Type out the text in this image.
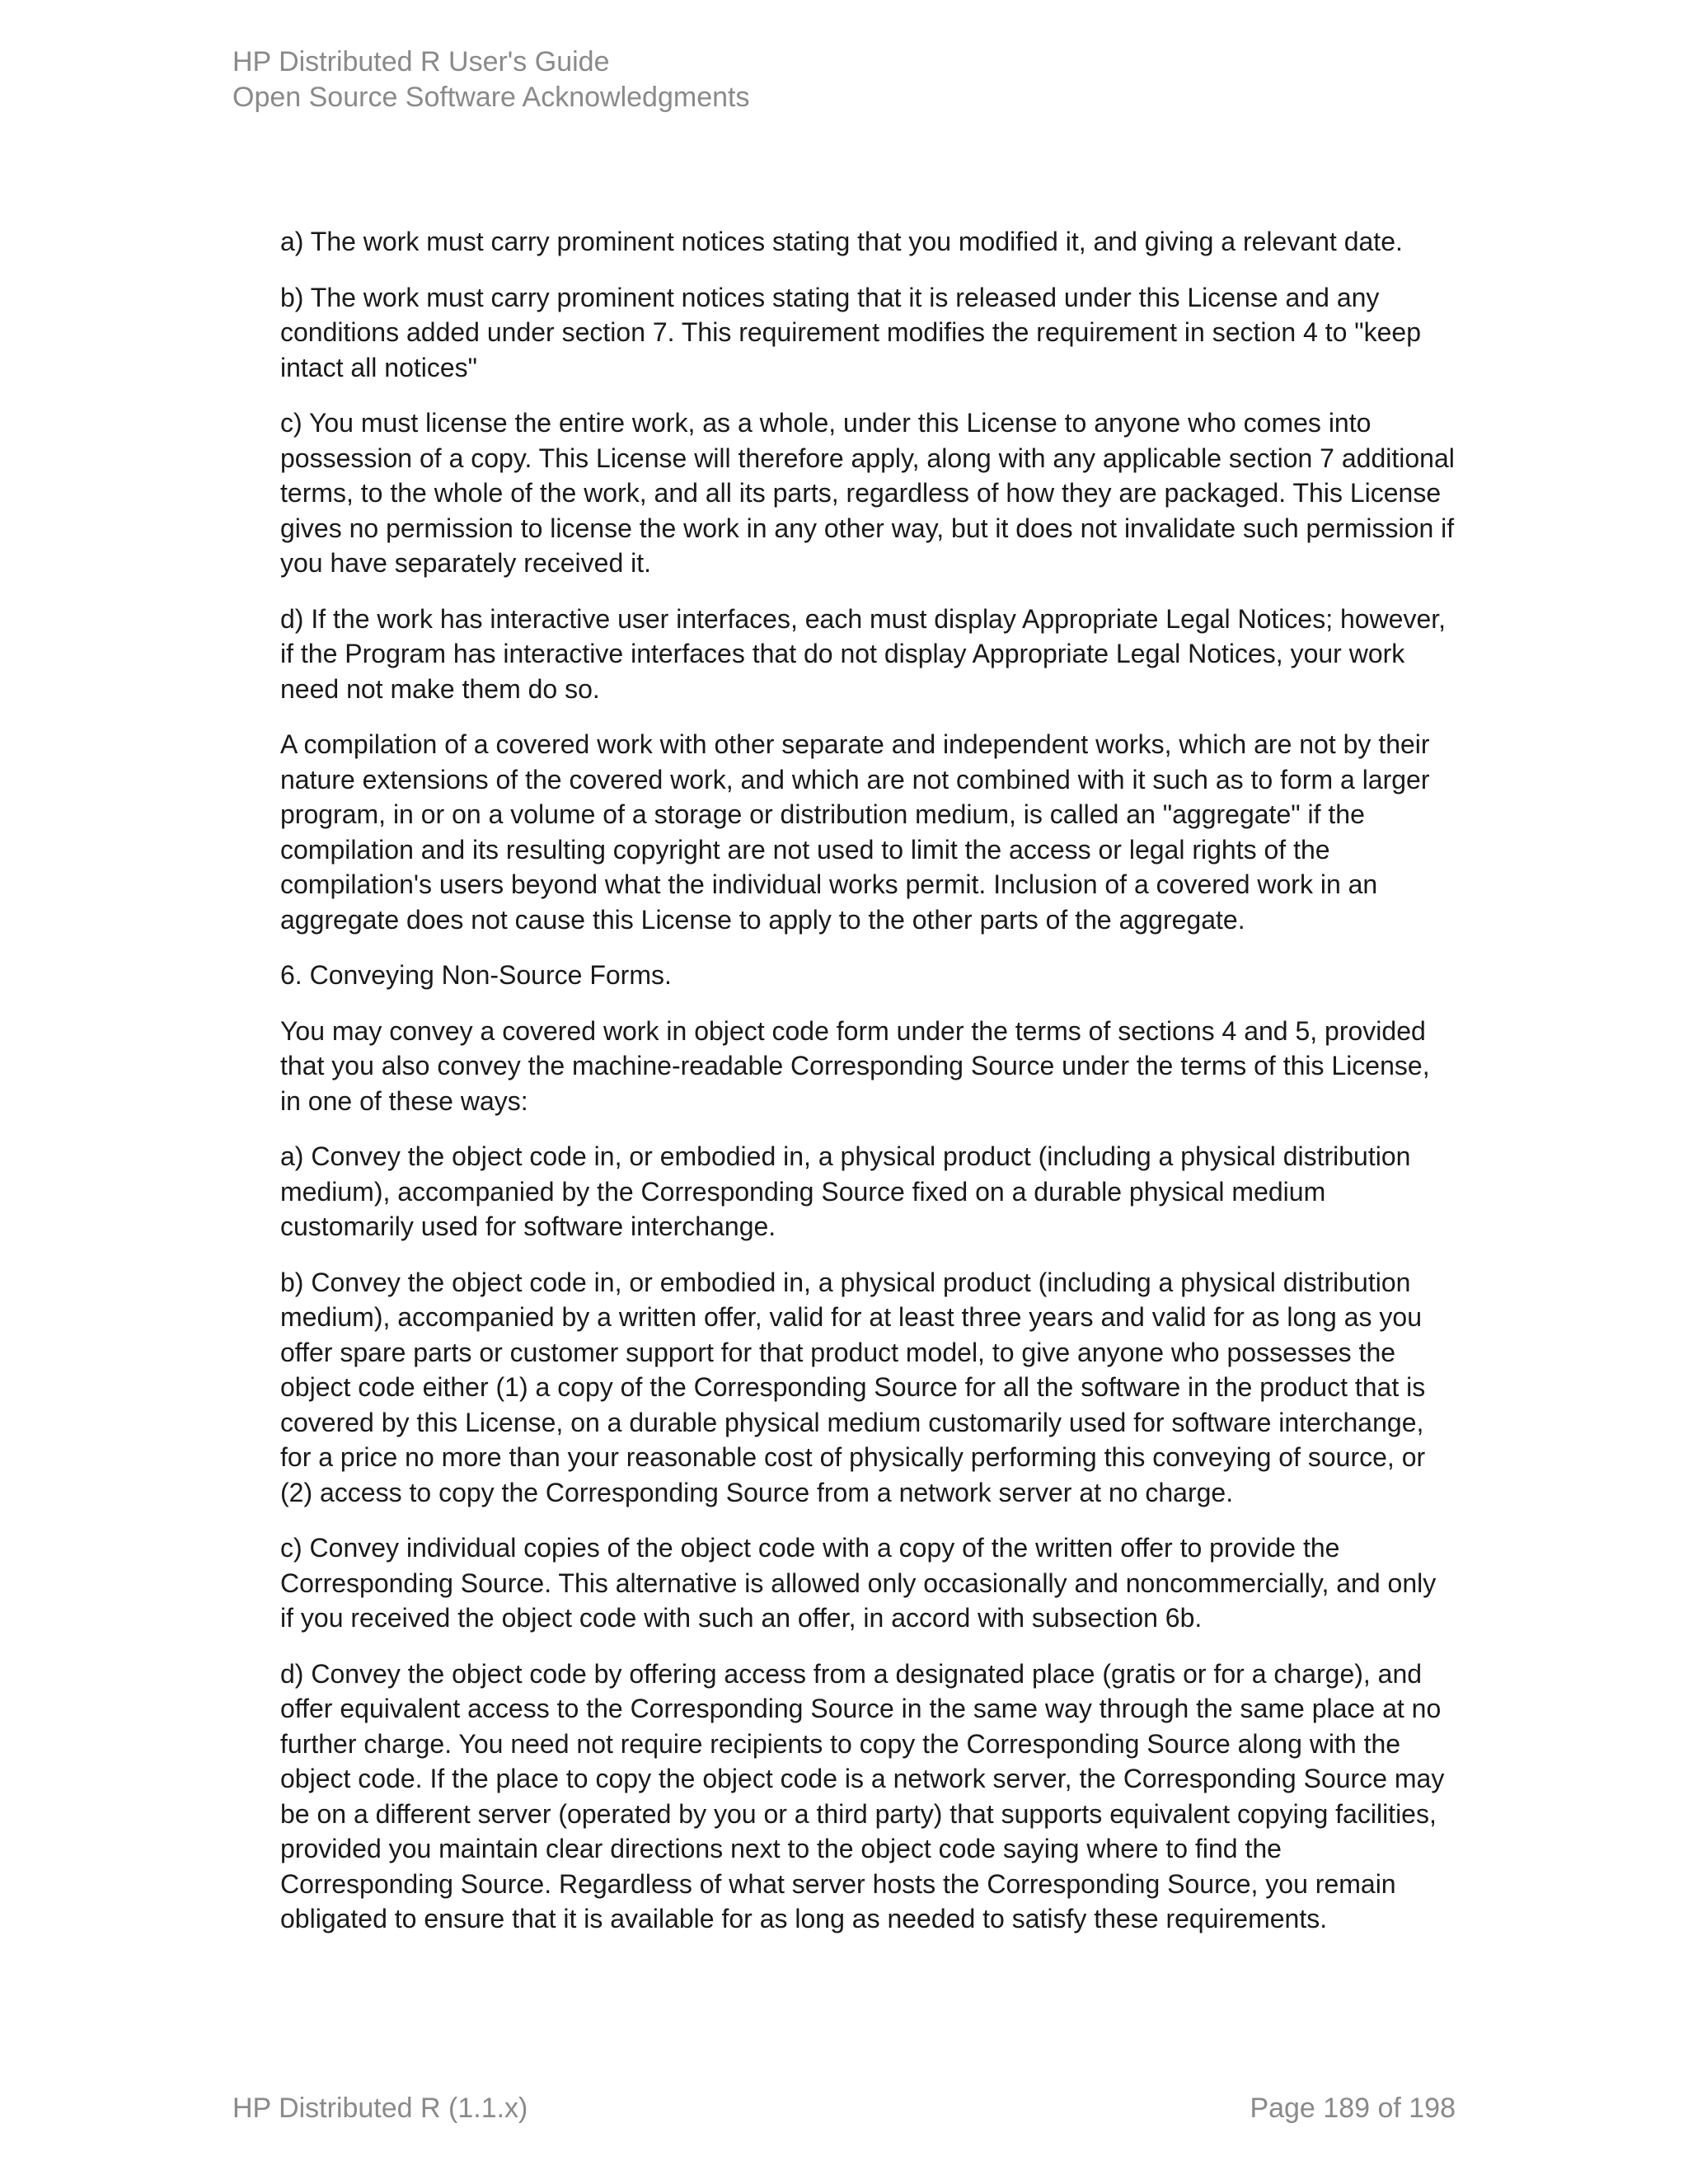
HP Distributed R User's Guide
Open Source Software Acknowledgments

a) The work must carry prominent notices stating that you modified it, and giving a relevant date.

b) The work must carry prominent notices stating that it is released under this License and any conditions added under section 7. This requirement modifies the requirement in section 4 to "keep intact all notices"

c) You must license the entire work, as a whole, under this License to anyone who comes into possession of a copy. This License will therefore apply, along with any applicable section 7 additional terms, to the whole of the work, and all its parts, regardless of how they are packaged. This License gives no permission to license the work in any other way, but it does not invalidate such permission if you have separately received it.

d) If the work has interactive user interfaces, each must display Appropriate Legal Notices; however, if the Program has interactive interfaces that do not display Appropriate Legal Notices, your work need not make them do so.

A compilation of a covered work with other separate and independent works, which are not by their nature extensions of the covered work, and which are not combined with it such as to form a larger program, in or on a volume of a storage or distribution medium, is called an "aggregate" if the compilation and its resulting copyright are not used to limit the access or legal rights of the compilation's users beyond what the individual works permit. Inclusion of a covered work in an aggregate does not cause this License to apply to the other parts of the aggregate.

6. Conveying Non-Source Forms.

You may convey a covered work in object code form under the terms of sections 4 and 5, provided that you also convey the machine-readable Corresponding Source under the terms of this License, in one of these ways:

a) Convey the object code in, or embodied in, a physical product (including a physical distribution medium), accompanied by the Corresponding Source fixed on a durable physical medium customarily used for software interchange.

b) Convey the object code in, or embodied in, a physical product (including a physical distribution medium), accompanied by a written offer, valid for at least three years and valid for as long as you offer spare parts or customer support for that product model, to give anyone who possesses the object code either (1) a copy of the Corresponding Source for all the software in the product that is covered by this License, on a durable physical medium customarily used for software interchange, for a price no more than your reasonable cost of physically performing this conveying of source, or (2) access to copy the Corresponding Source from a network server at no charge.

c) Convey individual copies of the object code with a copy of the written offer to provide the Corresponding Source. This alternative is allowed only occasionally and noncommercially, and only if you received the object code with such an offer, in accord with subsection 6b.

d) Convey the object code by offering access from a designated place (gratis or for a charge), and offer equivalent access to the Corresponding Source in the same way through the same place at no further charge. You need not require recipients to copy the Corresponding Source along with the object code. If the place to copy the object code is a network server, the Corresponding Source may be on a different server (operated by you or a third party) that supports equivalent copying facilities, provided you maintain clear directions next to the object code saying where to find the Corresponding Source. Regardless of what server hosts the Corresponding Source, you remain obligated to ensure that it is available for as long as needed to satisfy these requirements.

HP Distributed R (1.1.x)	Page 189 of 198
